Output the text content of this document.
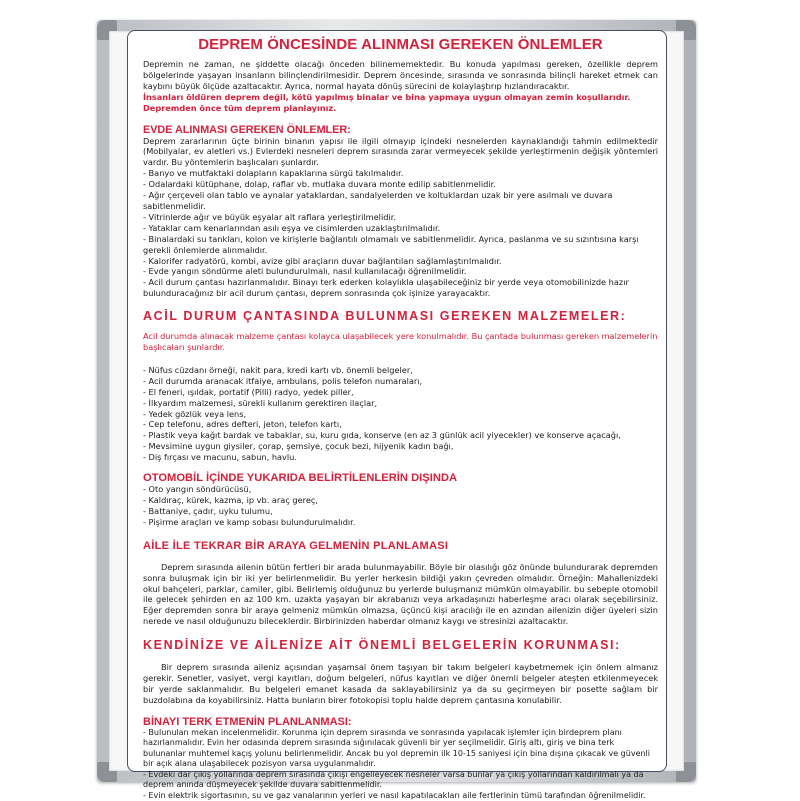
DEPREM ÖNCESİNDE ALINMASI GEREKEN ÖNLEMLER

Depremin ne zaman, ne şiddette olacağı önceden bilinememektedir. Bu konuda yapılması gereken, özellikle deprem bölgelerinde yaşayan insanların bilinçlendirilmesidir. Deprem öncesinde, sırasında ve sonrasında bilinçli hareket etmek can kaybını büyük ölçüde azaltacaktır. Ayrıca, normal hayata dönüş sürecini de kolaylaştırıp hızlandıracaktır.

İnsanları öldüren deprem değil, kötü yapılmış binalar ve bina yapmaya uygun olmayan zemin koşullarıdır. Depremden önce tüm deprem planlayınız.

EVDE ALINMASI GEREKEN ÖNLEMLER:

Deprem zararlarının üçte birinin binanın yapısı ile ilgili olmayıp içindeki nesnelerden kaynaklandığı tahmin edilmektedir (Mobilyalar, ev aletleri vs.) Evlerdeki nesneleri deprem sırasında zarar vermeyecek şekilde yerleştirmenin değişik yöntemleri vardır. Bu yöntemlerin başlıcaları şunlardır.

- Banyo ve mutfaktaki dolapların kapaklarına sürgü takılmalıdır.
- Odalardaki kütüphane, dolap, raflar vb. mutlaka duvara monte edilip sabitlenmelidir.
- Ağır çerçeveli olan tablo ve aynalar yataklardan, sandalyelerden ve koltuklardan uzak bir yere asılmalı ve duvara sabitlenmelidir.
- Vitrinlerde ağır ve büyük eşyalar alt raflara yerleştirilmelidir.
- Yataklar cam kenarlarından asılı eşya ve cisimlerden uzaklaştırılmalıdır.
- Binalardaki su tankları, kolon ve kirişlerle bağlantılı olmamalı ve sabitlenmelidir. Ayrıca, paslanma ve su sızıntısına karşı gerekli önlemlerde alınmalıdır.
- Kalorifer radyatörü, kombi, avize gibi araçların duvar bağlantıları sağlamlaştırılmalıdır.
- Evde yangın söndürme aleti bulundurulmalı, nasıl kullanılacağı öğrenilmelidir.
- Acil durum çantası hazırlanmalıdır. Binayı terk ederken kolaylıkla ulaşabileceğiniz bir yerde veya otomobilinizde hazır bulunduracağınız bir acil durum çantası, deprem sonrasında çok işinize yarayacaktır.
ACİL DURUM ÇANTASINDA BULUNMASI GEREKEN MALZEMELER:

Acil durumda alınacak malzeme çantası kolayca ulaşabilecek yere konulmalıdır. Bu çantada bulunması gereken malzemelerin başlıcaları şunlardır.

- Nüfus cüzdanı örneği, nakit para, kredi kartı vb. önemli belgeler,
- Acil durumda aranacak itfaiye, ambulans, polis telefon numaraları,
- El feneri, ışıldak, portatif (Pilli) radyo, yedek piller,
- İlkyardım malzemesi, sürekli kullanım gerektiren ilaçlar,
- Yedek gözlük veya lens,
- Cep telefonu, adres defteri, jeton, telefon kartı,
- Plastik veya kağıt bardak ve tabaklar, su, kuru gıda, konserve (en az 3 günlük acil yiyecekler) ve konserve açacağı,
- Mevsimine uygun giysiler, çorap, şemsiye, çocuk bezi, hijyenik kadın bağı,
- Diş fırçası ve macunu, sabun, havlu.
OTOMOBİL İÇİNDE YUKARIDA BELİRTİLENLERİN DIŞINDA
- Oto yangın söndürücüsü,
- Kaldıraç, kürek, kazma, ip vb. araç gereç,
- Battaniye, çadır, uyku tulumu,
- Pişirme araçları ve kamp sobası bulundurulmalıdır.
AİLE İLE TEKRAR BİR ARAYA GELMENİN PLANLAMASI

Deprem sırasında ailenin bütün fertleri bir arada bulunmayabilir. Böyle bir olasılığı göz önünde bulundurarak depremden sonra buluşmak için bir iki yer belirlenmelidir. Bu yerler herkesin bildiği yakın çevreden olmalıdır. Örneğin: Mahallenizdeki okul bahçeleri, parklar, camiler, gibi. Belirlemiş olduğunuz bu yerlerde buluşmanız mümkün olmayabilir. bu sebeple otomobil ile gelecek şehirden en az 100 km. uzakta yaşayan bir akrabanızı veya arkadaşınızı haberleşme aracı olarak seçebilirsiniz. Eğer depremden sonra bir araya gelmeniz mümkün olmazsa, üçüncü kişi aracılığı ile en azından ailenizin diğer üyeleri sizin nerede ve nasıl olduğunuzu bileceklerdir. Birbirinizden haberdar olmanız kaygı ve stresinizi azaltacaktır.

KENDİNİZE VE AİLENİZE AİT ÖNEMLİ BELGELERİN KORUNMASI:

Bir deprem sırasında aileniz açısından yaşamsal önem taşıyan bir takım belgeleri kaybetmemek için önlem almanız gerekir. Senetler, vasiyet, vergi kayıtları, doğum belgeleri, nüfus kayıtları ve diğer önemli belgeler ateşten etkilenmeyecek bir yerde saklanmalıdır. Bu belgeleri emanet kasada da saklayabilirsiniz ya da su geçirmeyen bir posette sağlam bir buzdolabına da koyabilirsiniz. Hatta bunların birer fotokopisi toplu halde deprem çantasına konulabilir.

BİNAYI TERK ETMENİN PLANLANMASI:
- Bulunulan mekan incelenmelidir. Korunma için deprem sırasında ve sonrasında yapılacak işlemler için birdeprem planı hazırlanmalıdır. Evin her odasında deprem sırasında sığınılacak güvenli bir yer seçilmelidir. Giriş altı, giriş ve bina terk bulunanlar muhtemel kaçış yolunu belirlenmelidir. Ancak bu yol depremin ilk 10-15 saniyesi için bina dışına çıkacak ve güvenli bir açık alana ulaşabilecek pozisyon varsa uygulanmalıdır.
- Evdeki dar çıkış yollarında deprem sırasında çıkışı engelleyecek nesneler varsa bunlar ya çıkış yollarından kaldırılmalı ya da deprem anında düşmeyecek şekilde duvara sabitlenmelidir.
- Evin elektrik sigortasının, su ve gaz vanalarının yerleri ve nasıl kapatılacakları aile fertlerinin tümü tarafından öğrenilmelidir.
